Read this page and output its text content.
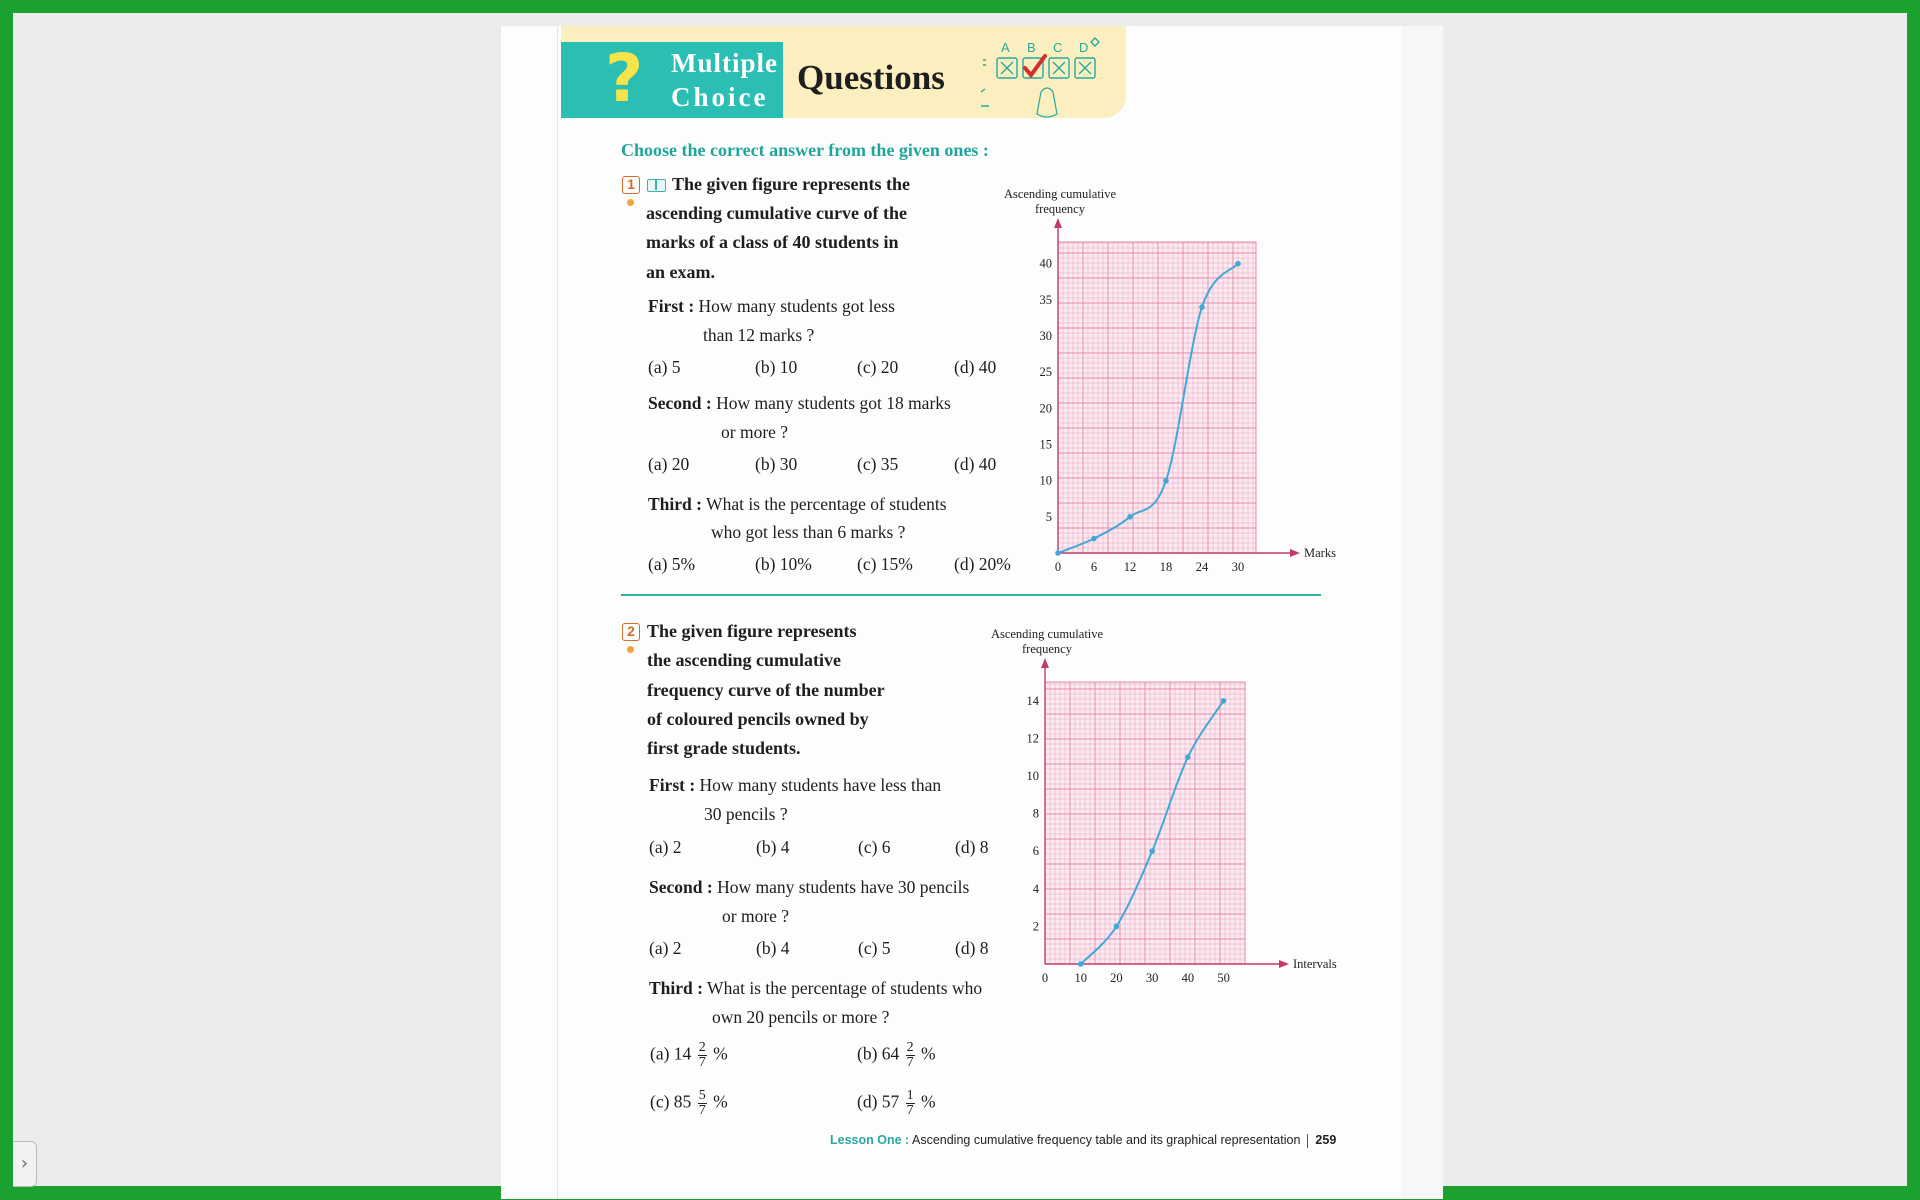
›
? Multiple
Choice Questions
A B C D
Choose the correct answer from the given ones :
1 The given figure represents the
ascending cumulative curve of the
marks of a class of 40 students in
an exam.
First : How many students got less
than 12 marks ?
(a) 5	(b) 10	(c) 20	(d) 40
Second : How many students got 18 marks
or more ?
(a) 20	(b) 30	(c) 35	(d) 40
Third : What is the percentage of students
who got less than 6 marks ?
(a) 5%	(b) 10%	(c) 15% (d) 20%
Ascending cumulative
frequency
Marks
0 6 12 18 24 30
5
10
15
20
25
30
35
40
2 The given figure represents
the ascending cumulative
frequency curve of the number
of coloured pencils owned by
first grade students.
First : How many students have less than
30 pencils ?
(a) 2	(b) 4	(c) 6	(d) 8
Second : How many students have 30 pencils
or more ?
(a) 2	(b) 4	(c) 5	(d) 8
Third : What is the percentage of students who
own 20 pencils or more ?
(a) $14 \frac{2}{7}$ %	(b) $64 \frac{2}{7}$ %
(c) $85 \frac{5}{7}$ %	(d) $57 \frac{1}{7}$ %
Ascending cumulative
frequency
Intervals
0 10 20 30 40 50
2
4
6
8
10
12
14
Lesson One : Ascending cumulative frequency table and its graphical representation 259
